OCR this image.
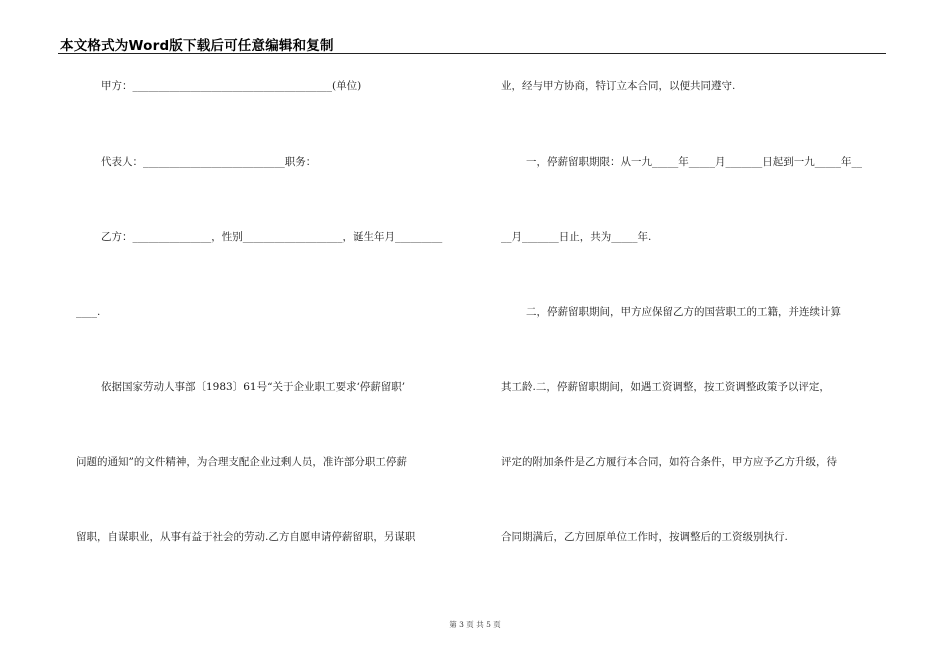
本文格式为Word版下载后可任意编辑和复制
甲方：______________________________________(单位)
代表人：___________________________职务：
乙方：_______________，性别___________________，诞生年月_________
____.
依据国家劳动人事部〔1983〕61号“关于企业职工要求‘停薪留职’
问题的通知”的文件精神，为合理支配企业过剩人员，准许部分职工停薪
留职，自谋职业，从事有益于社会的劳动.乙方自愿申请停薪留职，另谋职
业，经与甲方协商，特订立本合同，以便共同遵守.
一，停薪留职期限：从一九_____年_____月_______日起到一九_____年__
__月_______日止，共为_____年.
二，停薪留职期间，甲方应保留乙方的国营职工的工籍，并连续计算
其工龄.二，停薪留职期间，如遇工资调整，按工资调整政策予以评定，
评定的附加条件是乙方履行本合同，如符合条件，甲方应予乙方升级，待
合同期满后，乙方回原单位工作时，按调整后的工资级别执行.
第 3 页 共 5 页
